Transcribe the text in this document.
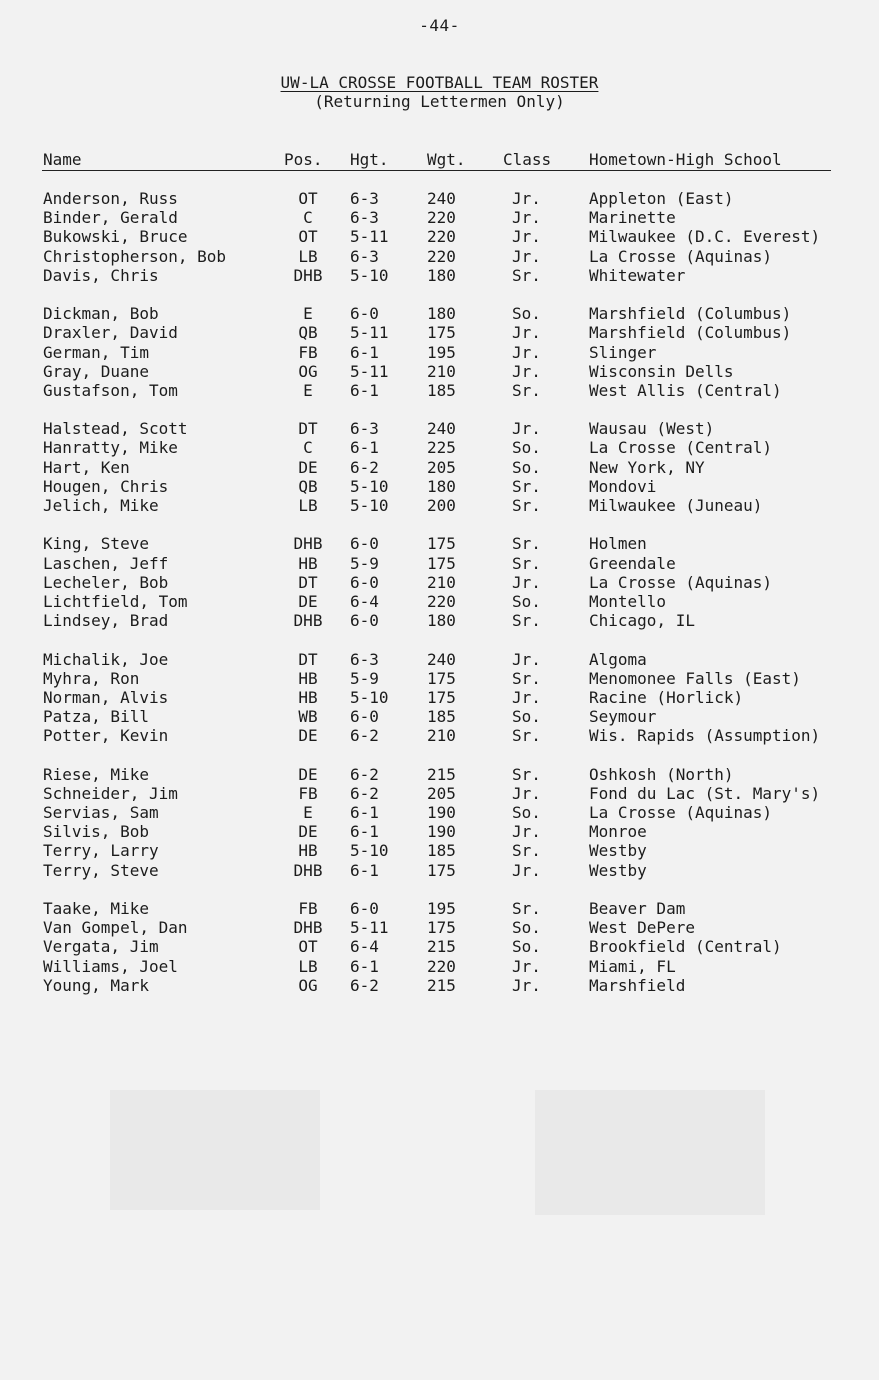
-44-
UW-LA CROSSE FOOTBALL TEAM ROSTER
(Returning Lettermen Only)
Name	Pos. Hgt. Wgt. Class Hometown-High School
Anderson, Russ	OT	6-3	240	Jr.	Appleton (East)
Binder, Gerald	C	6-3	220	Jr.	Marinette
Bukowski, Bruce	OT	5-11 220	Jr.	Milwaukee (D.C. Everest)
Christopherson, Bob	LB	6-3	220	Jr.	La Crosse (Aquinas)
Davis, Chris	DHB	5-10 180	Sr.	Whitewater
Dickman, Bob	E	6-0	180	So.	Marshfield (Columbus)
Draxler, David	QB	5-11 175	Jr.	Marshfield (Columbus)
German, Tim	FB	6-1	195	Jr.	Slinger
Gray, Duane	OG	5-11 210	Jr.	Wisconsin Dells
Gustafson, Tom	E	6-1	185	Sr.	West Allis (Central)
Halstead, Scott	DT	6-3	240	Jr.	Wausau (West)
Hanratty, Mike	C	6-1	225	So.	La Crosse (Central)
Hart, Ken	DE	6-2	205	So.	New York, NY
Hougen, Chris	QB	5-10 180	Sr.	Mondovi
Jelich, Mike	LB	5-10 200	Sr.	Milwaukee (Juneau)
King, Steve	DHB	6-0	175	Sr.	Holmen
Laschen, Jeff	HB	5-9	175	Sr.	Greendale
Lecheler, Bob	DT	6-0	210	Jr.	La Crosse (Aquinas)
Lichtfield, Tom	DE	6-4	220	So.	Montello
Lindsey, Brad	DHB	6-0	180	Sr.	Chicago, IL
Michalik, Joe	DT	6-3	240	Jr.	Algoma
Myhra, Ron	HB	5-9	175	Sr.	Menomonee Falls (East)
Norman, Alvis	HB	5-10 175	Jr.	Racine (Horlick)
Patza, Bill	WB	6-0	185	So.	Seymour
Potter, Kevin	DE	6-2	210	Sr.	Wis. Rapids (Assumption)
Riese, Mike	DE	6-2	215	Sr.	Oshkosh (North)
Schneider, Jim	FB	6-2	205	Jr.	Fond du Lac (St. Mary's)
Servias, Sam	E	6-1	190	So.	La Crosse (Aquinas)
Silvis, Bob	DE	6-1	190	Jr.	Monroe
Terry, Larry	HB	5-10 185	Sr.	Westby
Terry, Steve	DHB	6-1	175	Jr.	Westby
Taake, Mike	FB	6-0	195	Sr.	Beaver Dam
Van Gompel, Dan	DHB	5-11 175	So.	West DePere
Vergata, Jim	OT	6-4	215	So.	Brookfield (Central)
Williams, Joel	LB	6-1	220	Jr.	Miami, FL
Young, Mark	OG	6-2	215	Jr.	Marshfield
